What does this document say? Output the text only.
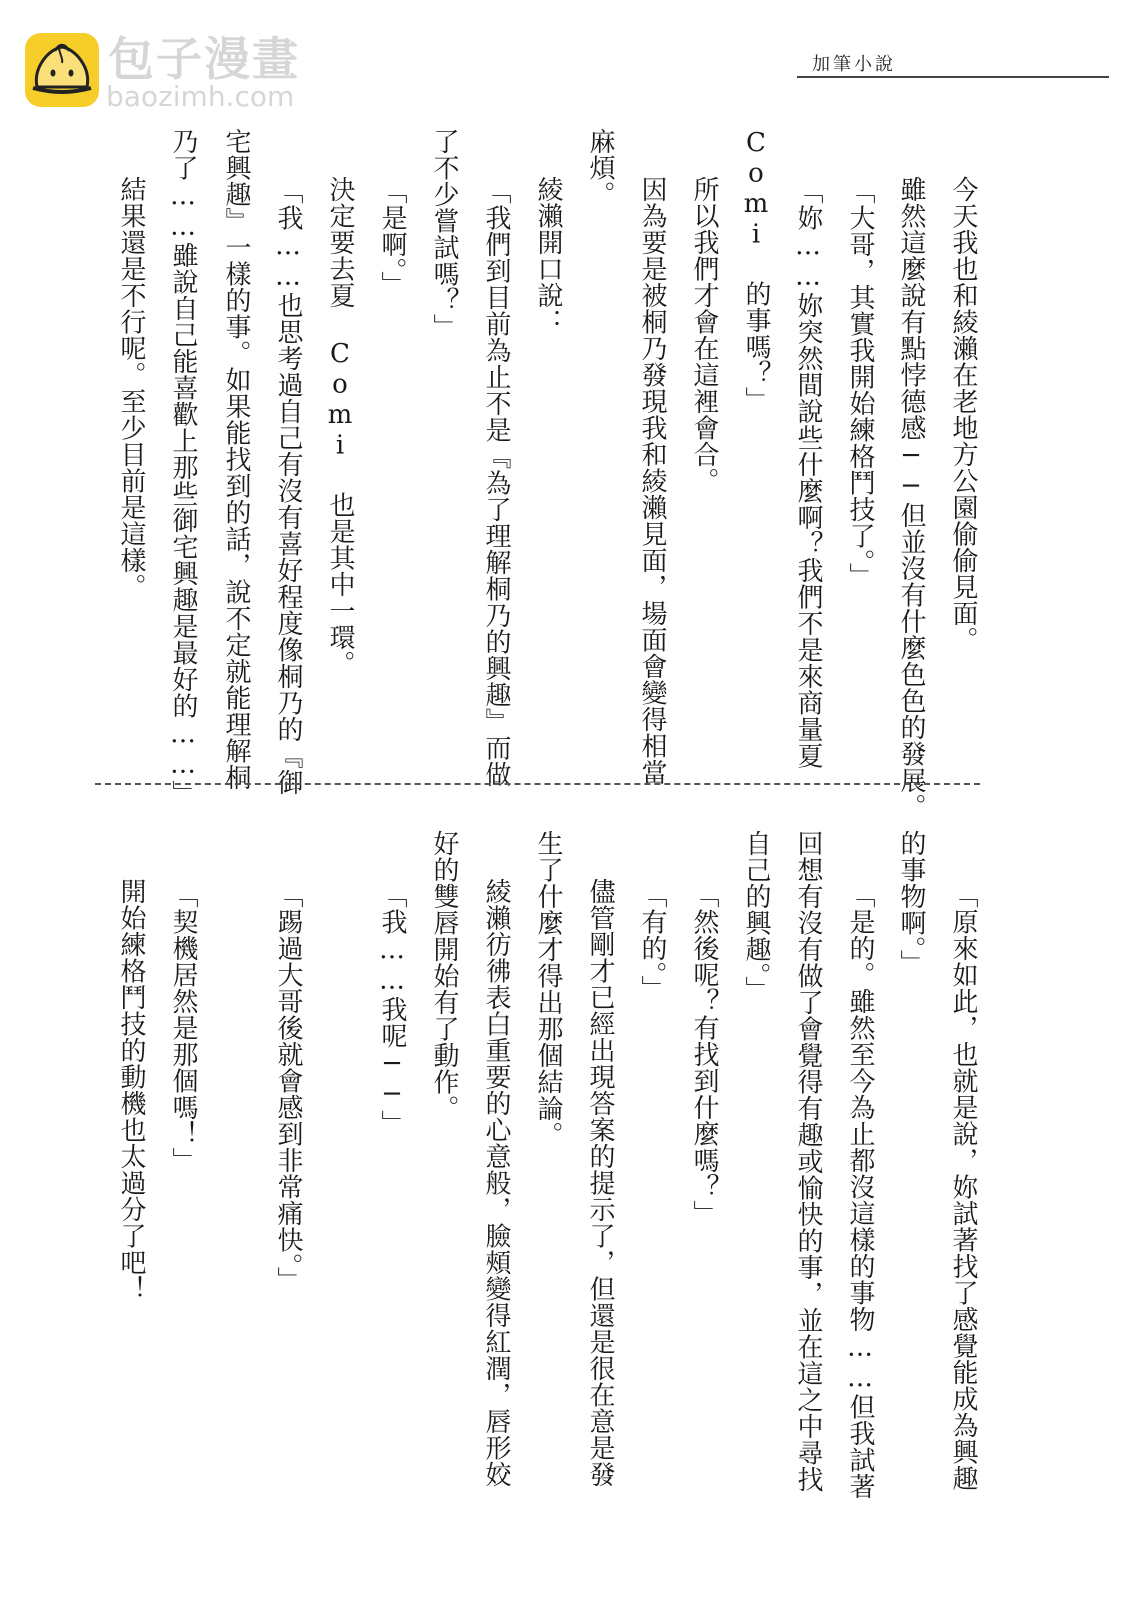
包子漫畫
baozimh.com
加筆小說
今天我也和綾瀨在老地方公園偷偷見面。
雖然這麼說有點悖德感──但並沒有什麼色色的發展。
「大哥，其實我開始練格鬥技了。」
「妳……妳突然間說些什麼啊？我們不是來商量夏
Comi 的事嗎？」
所以我們才會在這裡會合。
因為要是被桐乃發現我和綾瀨見面，場面會變得相當
麻煩。
綾瀨開口說：
「我們到目前為止不是『為了理解桐乃的興趣』而做
了不少嘗試嗎？」
「是啊。」
決定要去夏 Comi 也是其中一環。
「我……也思考過自己有沒有喜好程度像桐乃的『御
宅興趣』一樣的事。如果能找到的話，說不定就能理解桐
乃了……雖說自己能喜歡上那些御宅興趣是最好的……」
結果還是不行呢。至少目前是這樣。
「原來如此，也就是說，妳試著找了感覺能成為興趣
的事物啊。」
「是的。雖然至今為止都沒這樣的事物……但我試著
回想有沒有做了會覺得有趣或愉快的事，並在這之中尋找
自己的興趣。」
「然後呢？有找到什麼嗎？」
「有的。」
儘管剛才已經出現答案的提示了，但還是很在意是發
生了什麼才得出那個結論。
綾瀨彷彿表白重要的心意般，臉頰變得紅潤，唇形姣
好的雙唇開始有了動作。
「我……我呢──」
「踢過大哥後就會感到非常痛快。」
「契機居然是那個嗎！」
開始練格鬥技的動機也太過分了吧！
